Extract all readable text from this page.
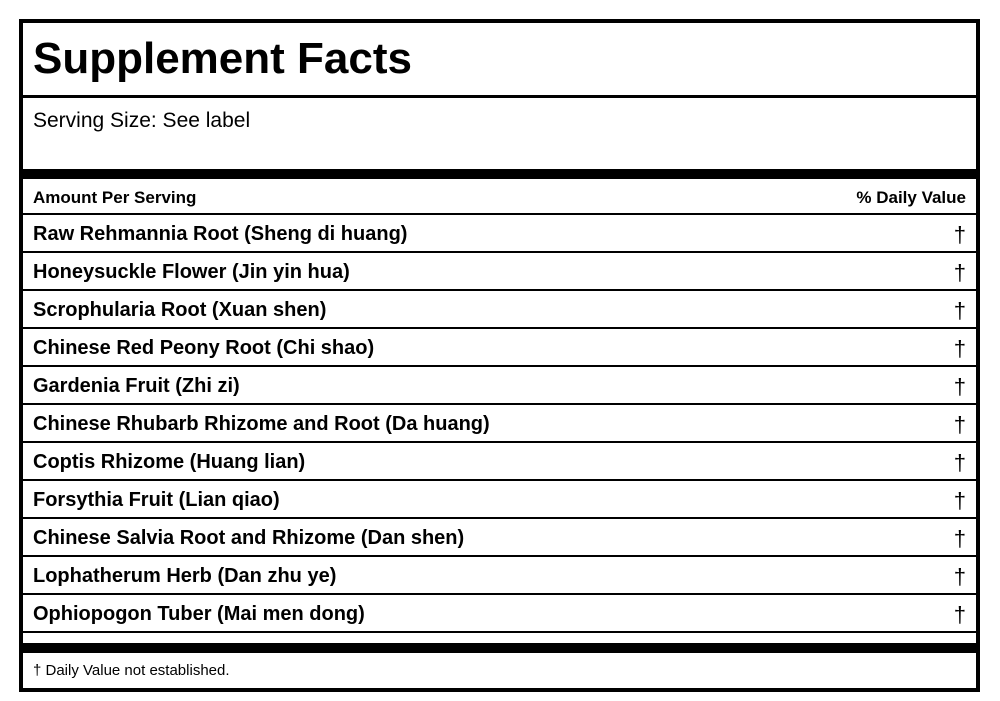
Supplement Facts
Serving Size: See label
Amount Per Serving	% Daily Value
Raw Rehmannia Root (Sheng di huang)	†
Honeysuckle Flower (Jin yin hua)	†
Scrophularia Root (Xuan shen)	†
Chinese Red Peony Root (Chi shao)	†
Gardenia Fruit (Zhi zi)	†
Chinese Rhubarb Rhizome and Root (Da huang)	†
Coptis Rhizome (Huang lian)	†
Forsythia Fruit (Lian qiao)	†
Chinese Salvia Root and Rhizome (Dan shen)	†
Lophatherum Herb (Dan zhu ye)	†
Ophiopogon Tuber (Mai men dong)	†
† Daily Value not established.
